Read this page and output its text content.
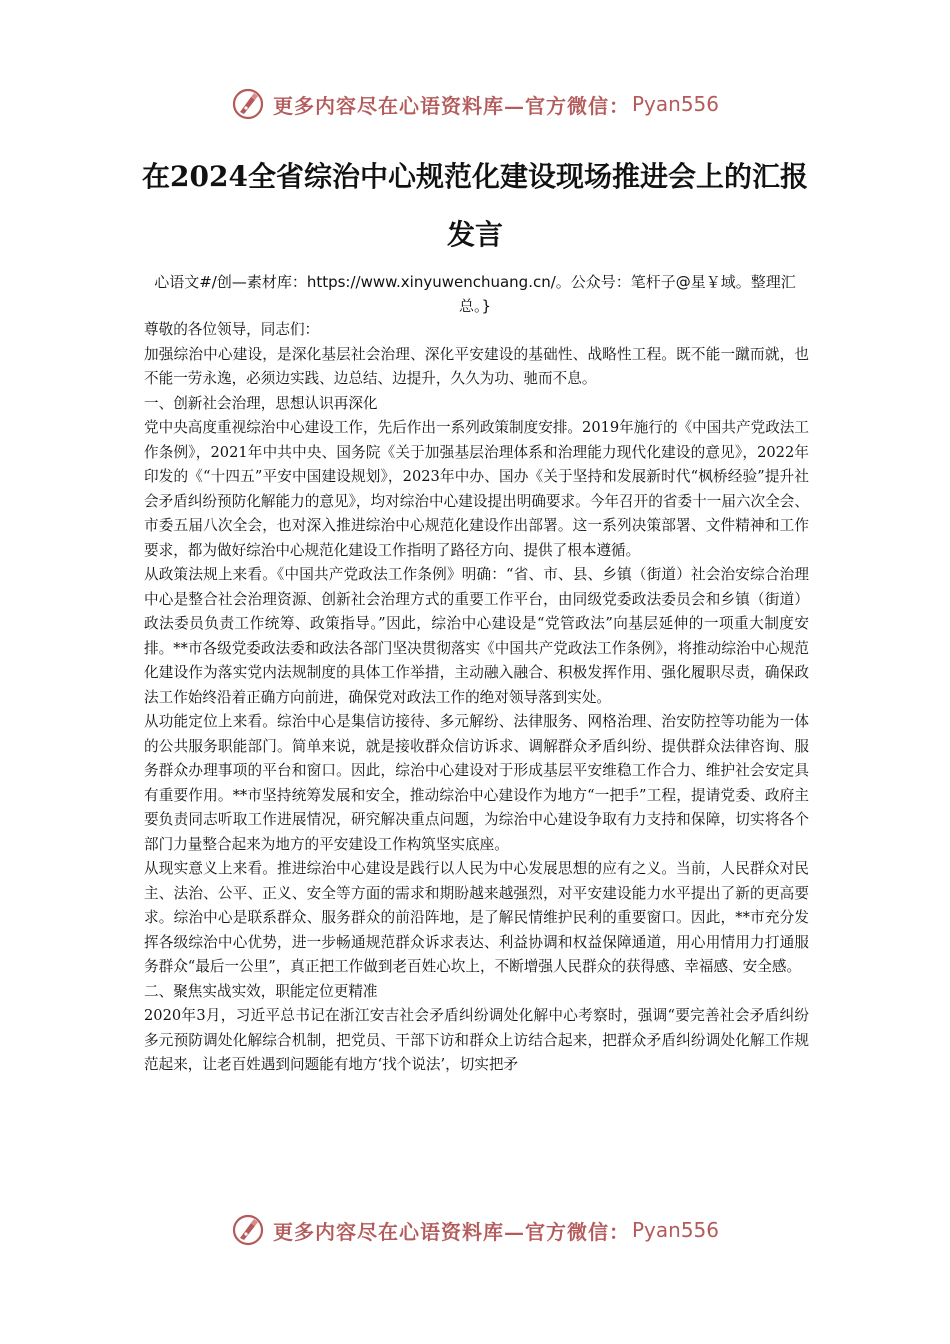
更多内容尽在心语资料库—官方微信： Pyan556
在2024全省综治中心规范化建设现场推进会上的汇报发言
心语文#/创—素材库：https://www.xinyuwenchuang.cn/。公众号：笔杆子@星￥域。整理汇总。}

尊敬的各位领导，同志们：

加强综治中心建设，是深化基层社会治理、深化平安建设的基础性、战略性工程。既不能一蹴而就，也不能一劳永逸，必须边实践、边总结、边提升，久久为功、驰而不息。

一、创新社会治理，思想认识再深化

党中央高度重视综治中心建设工作，先后作出一系列政策制度安排。2019年施行的《中国共产党政法工作条例》，2021年中共中央、国务院《关于加强基层治理体系和治理能力现代化建设的意见》，2022年印发的《“十四五”平安中国建设规划》，2023年中办、国办《关于坚持和发展新时代“枫桥经验”提升社会矛盾纠纷预防化解能力的意见》，均对综治中心建设提出明确要求。今年召开的省委十一届六次全会、市委五届八次全会，也对深入推进综治中心规范化建设作出部署。这一系列决策部署、文件精神和工作要求，都为做好综治中心规范化建设工作指明了路径方向、提供了根本遵循。

从政策法规上来看。《中国共产党政法工作条例》明确：“省、市、县、乡镇（街道）社会治安综合治理中心是整合社会治理资源、创新社会治理方式的重要工作平台，由同级党委政法委员会和乡镇（街道）政法委员负责工作统筹、政策指导。”因此，综治中心建设是“党管政法”向基层延伸的一项重大制度安排。**市各级党委政法委和政法各部门坚决贯彻落实《中国共产党政法工作条例》，将推动综治中心规范化建设作为落实党内法规制度的具体工作举措，主动融入融合、积极发挥作用、强化履职尽责，确保政法工作始终沿着正确方向前进，确保党对政法工作的绝对领导落到实处。

从功能定位上来看。综治中心是集信访接待、多元解纷、法律服务、网格治理、治安防控等功能为一体的公共服务职能部门。简单来说，就是接收群众信访诉求、调解群众矛盾纠纷、提供群众法律咨询、服务群众办理事项的平台和窗口。因此，综治中心建设对于形成基层平安维稳工作合力、维护社会安定具有重要作用。**市坚持统筹发展和安全，推动综治中心建设作为地方“一把手”工程，提请党委、政府主要负责同志听取工作进展情况，研究解决重点问题，为综治中心建设争取有力支持和保障，切实将各个部门力量整合起来为地方的平安建设工作构筑坚实底座。

从现实意义上来看。推进综治中心建设是践行以人民为中心发展思想的应有之义。当前，人民群众对民主、法治、公平、正义、安全等方面的需求和期盼越来越强烈，对平安建设能力水平提出了新的更高要求。综治中心是联系群众、服务群众的前沿阵地，是了解民情维护民利的重要窗口。因此，**市充分发挥各级综治中心优势，进一步畅通规范群众诉求表达、利益协调和权益保障通道，用心用情用力打通服务群众“最后一公里”，真正把工作做到老百姓心坎上，不断增强人民群众的获得感、幸福感、安全感。

二、聚焦实战实效，职能定位更精准

2020年3月，习近平总书记在浙江安吉社会矛盾纠纷调处化解中心考察时，强调“要完善社会矛盾纠纷多元预防调处化解综合机制，把党员、干部下访和群众上访结合起来，把群众矛盾纠纷调处化解工作规范起来，让老百姓遇到问题能有地方‘找个说法’，切实把矛

更多内容尽在心语资料库—官方微信： Pyan556
